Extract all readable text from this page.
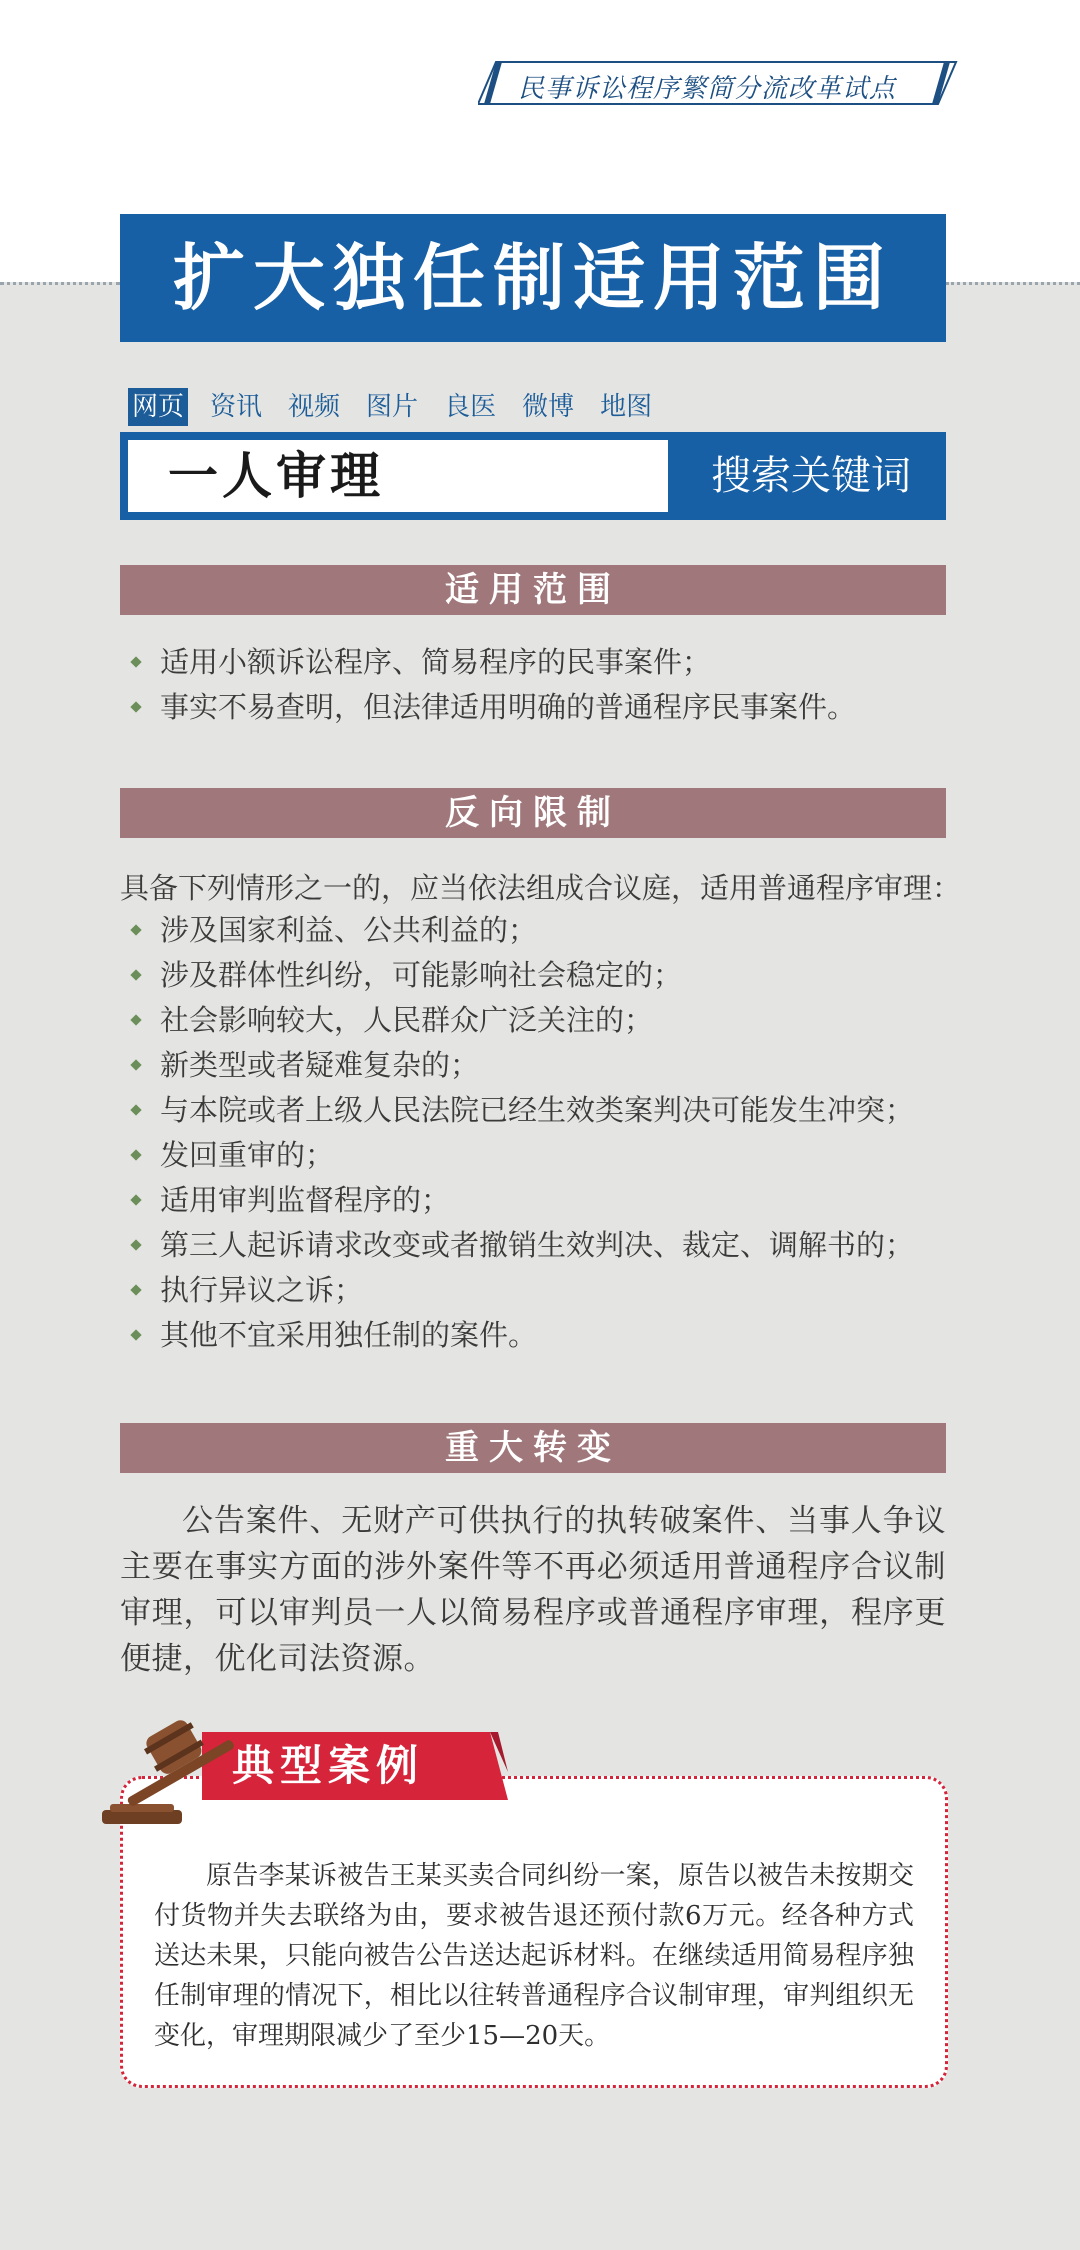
民事诉讼程序繁简分流改革试点
扩大独任制适用范围
网页 资讯 视频 图片 良医 微博 地图
一人审理	搜索关键词
适用范围
适用小额诉讼程序、简易程序的民事案件；
事实不易查明，但法律适用明确的普通程序民事案件。
反向限制
具备下列情形之一的，应当依法组成合议庭，适用普通程序审理：
涉及国家利益、公共利益的；
涉及群体性纠纷，可能影响社会稳定的；
社会影响较大，人民群众广泛关注的；
新类型或者疑难复杂的；
与本院或者上级人民法院已经生效类案判决可能发生冲突；
发回重审的；
适用审判监督程序的；
第三人起诉请求改变或者撤销生效判决、裁定、调解书的；
执行异议之诉；
其他不宜采用独任制的案件。
重大转变
公告案件、无财产可供执行的执转破案件、当事人争议主要在事实方面的涉外案件等不再必须适用普通程序合议制审理，可以审判员一人以简易程序或普通程序审理，程序更便捷，优化司法资源。
原告李某诉被告王某买卖合同纠纷一案，原告以被告未按期交付货物并失去联络为由，要求被告退还预付款6万元。经各种方式送达未果，只能向被告公告送达起诉材料。在继续适用简易程序独任制审理的情况下，相比以往转普通程序合议制审理，审判组织无变化，审理期限减少了至少15—20天。
典型案例
